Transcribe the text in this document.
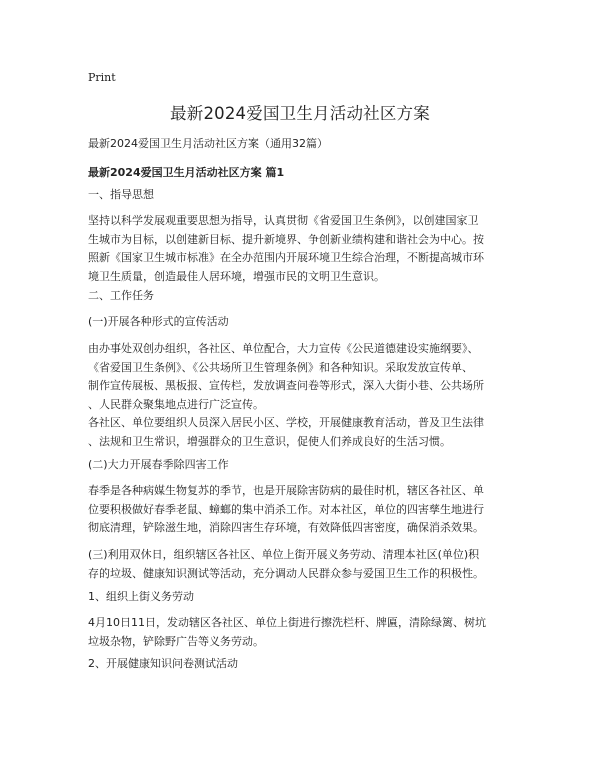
Print
最新2024爱国卫生月活动社区方案

最新2024爱国卫生月活动社区方案（通用32篇）

最新2024爱国卫生月活动社区方案 篇1

一、指导思想

坚持以科学发展观重要思想为指导，认真贯彻《省爱国卫生条例》，以创建国家卫
生城市为目标，以创建新目标、提升新境界、争创新业绩构建和谐社会为中心。按
照新《国家卫生城市标准》在全办范围内开展环境卫生综合治理，不断提高城市环
境卫生质量，创造最佳人居环境，增强市民的文明卫生意识。

二、工作任务

(一)开展各种形式的宣传活动

由办事处双创办组织，各社区、单位配合，大力宣传《公民道德建设实施纲要》、
《省爱国卫生条例》、《公共场所卫生管理条例》和各种知识。采取发放宣传单、
制作宣传展板、黑板报、宣传栏，发放调查问卷等形式，深入大街小巷、公共场所
、人民群众聚集地点进行广泛宣传。
各社区、单位要组织人员深入居民小区、学校，开展健康教育活动，普及卫生法律
、法规和卫生常识，增强群众的卫生意识，促使人们养成良好的生活习惯。

(二)大力开展春季除四害工作

春季是各种病媒生物复苏的季节，也是开展除害防病的最佳时机，辖区各社区、单
位要积极做好春季老鼠、蟑螂的集中消杀工作。对本社区，单位的四害孳生地进行
彻底清理，铲除滋生地，消除四害生存环境，有效降低四害密度，确保消杀效果。
(三)利用双休日，组织辖区各社区、单位上街开展义务劳动、清理本社区(单位)积
存的垃圾、健康知识测试等活动，充分调动人民群众参与爱国卫生工作的积极性。

1、组织上街义务劳动

4月10日11日，发动辖区各社区、单位上街进行擦洗栏杆、牌匾，清除绿篱、树坑
垃圾杂物，铲除野广告等义务劳动。

2、开展健康知识问卷测试活动
